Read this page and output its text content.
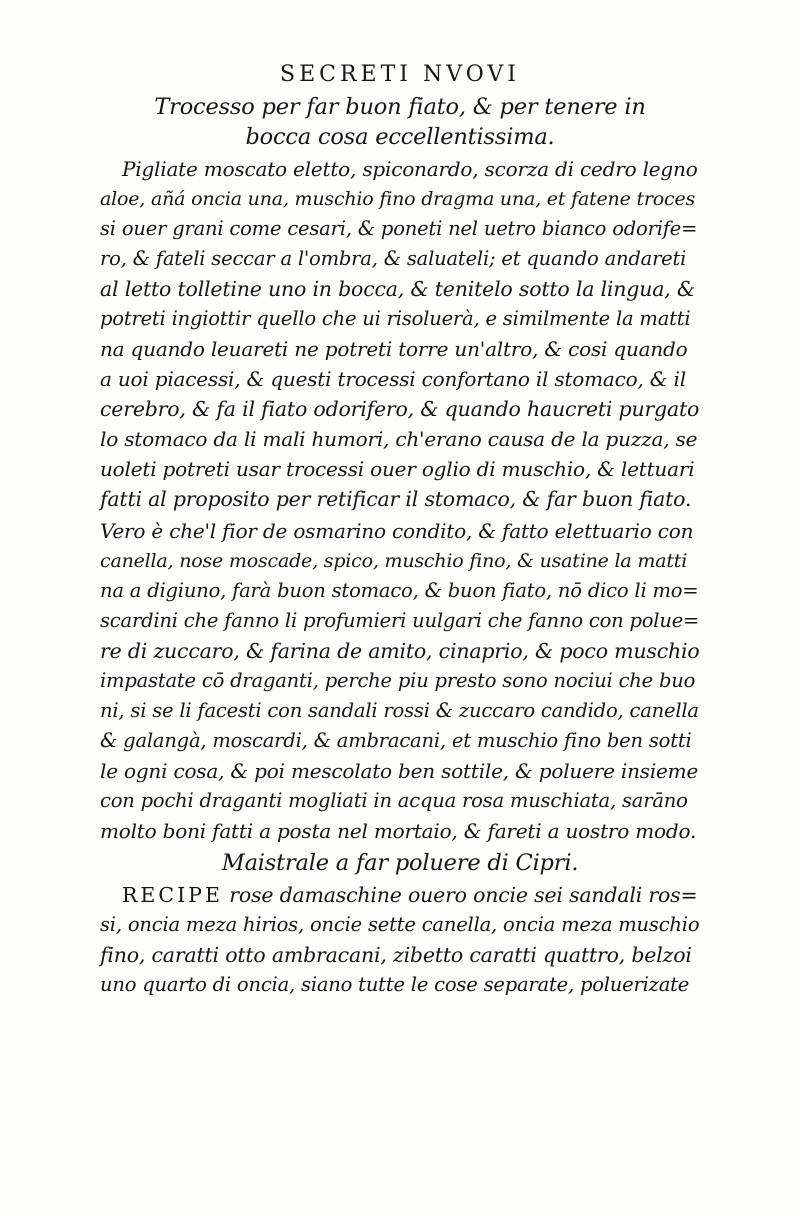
SECRETI NVOVI
Trocesso per far buon fiato, & per tenere in
bocca cosa eccellentissima.
Pigliate moscato eletto, spiconardo, scorza di cedro legno
aloe, añá oncia una, muschio fino dragma una, et fatene troces
si ouer grani come cesari, & poneti nel uetro bianco odorife=
ro, & fateli seccar a l'ombra, & saluateli; et quando andareti
al letto tolletine uno in bocca, & tenitelo sotto la lingua, &
potreti ingiottir quello che ui risoluerà, e similmente la matti
na quando leuareti ne potreti torre un'altro, & cosi quando
a uoi piacessi, & questi trocessi confortano il stomaco, & il
cerebro, & fa il fiato odorifero, & quando haucreti purgato
lo stomaco da li mali humori, ch'erano causa de la puzza, se
uoleti potreti usar trocessi ouer oglio di muschio, & lettuari
fatti al proposito per retificar il stomaco, & far buon fiato.
Vero è che'l fior de osmarino condito, & fatto elettuario con
canella, nose moscade, spico, muschio fino, & usatine la matti
na a digiuno, farà buon stomaco, & buon fiato, nō dico li mo=
scardini che fanno li profumieri uulgari che fanno con polue=
re di zuccaro, & farina de amito, cinaprio, & poco muschio
impastate cō draganti, perche piu presto sono nociui che buo
ni, si se li facesti con sandali rossi & zuccaro candido, canella
& galangà, moscardi, & ambracani, et muschio fino ben sotti
le ogni cosa, & poi mescolato ben sottile, & poluere insieme
con pochi draganti mogliati in acqua rosa muschiata, sarāno
molto boni fatti a posta nel mortaio, & fareti a uostro modo.
Maistrale a far poluere di Cipri.
RECIPE rose damaschine ouero oncie sei sandali ros=
si, oncia meza hirios, oncie sette canella, oncia meza muschio
fino, caratti otto ambracani, zibetto caratti quattro, belzoi
uno quarto di oncia, siano tutte le cose separate, poluerizate
